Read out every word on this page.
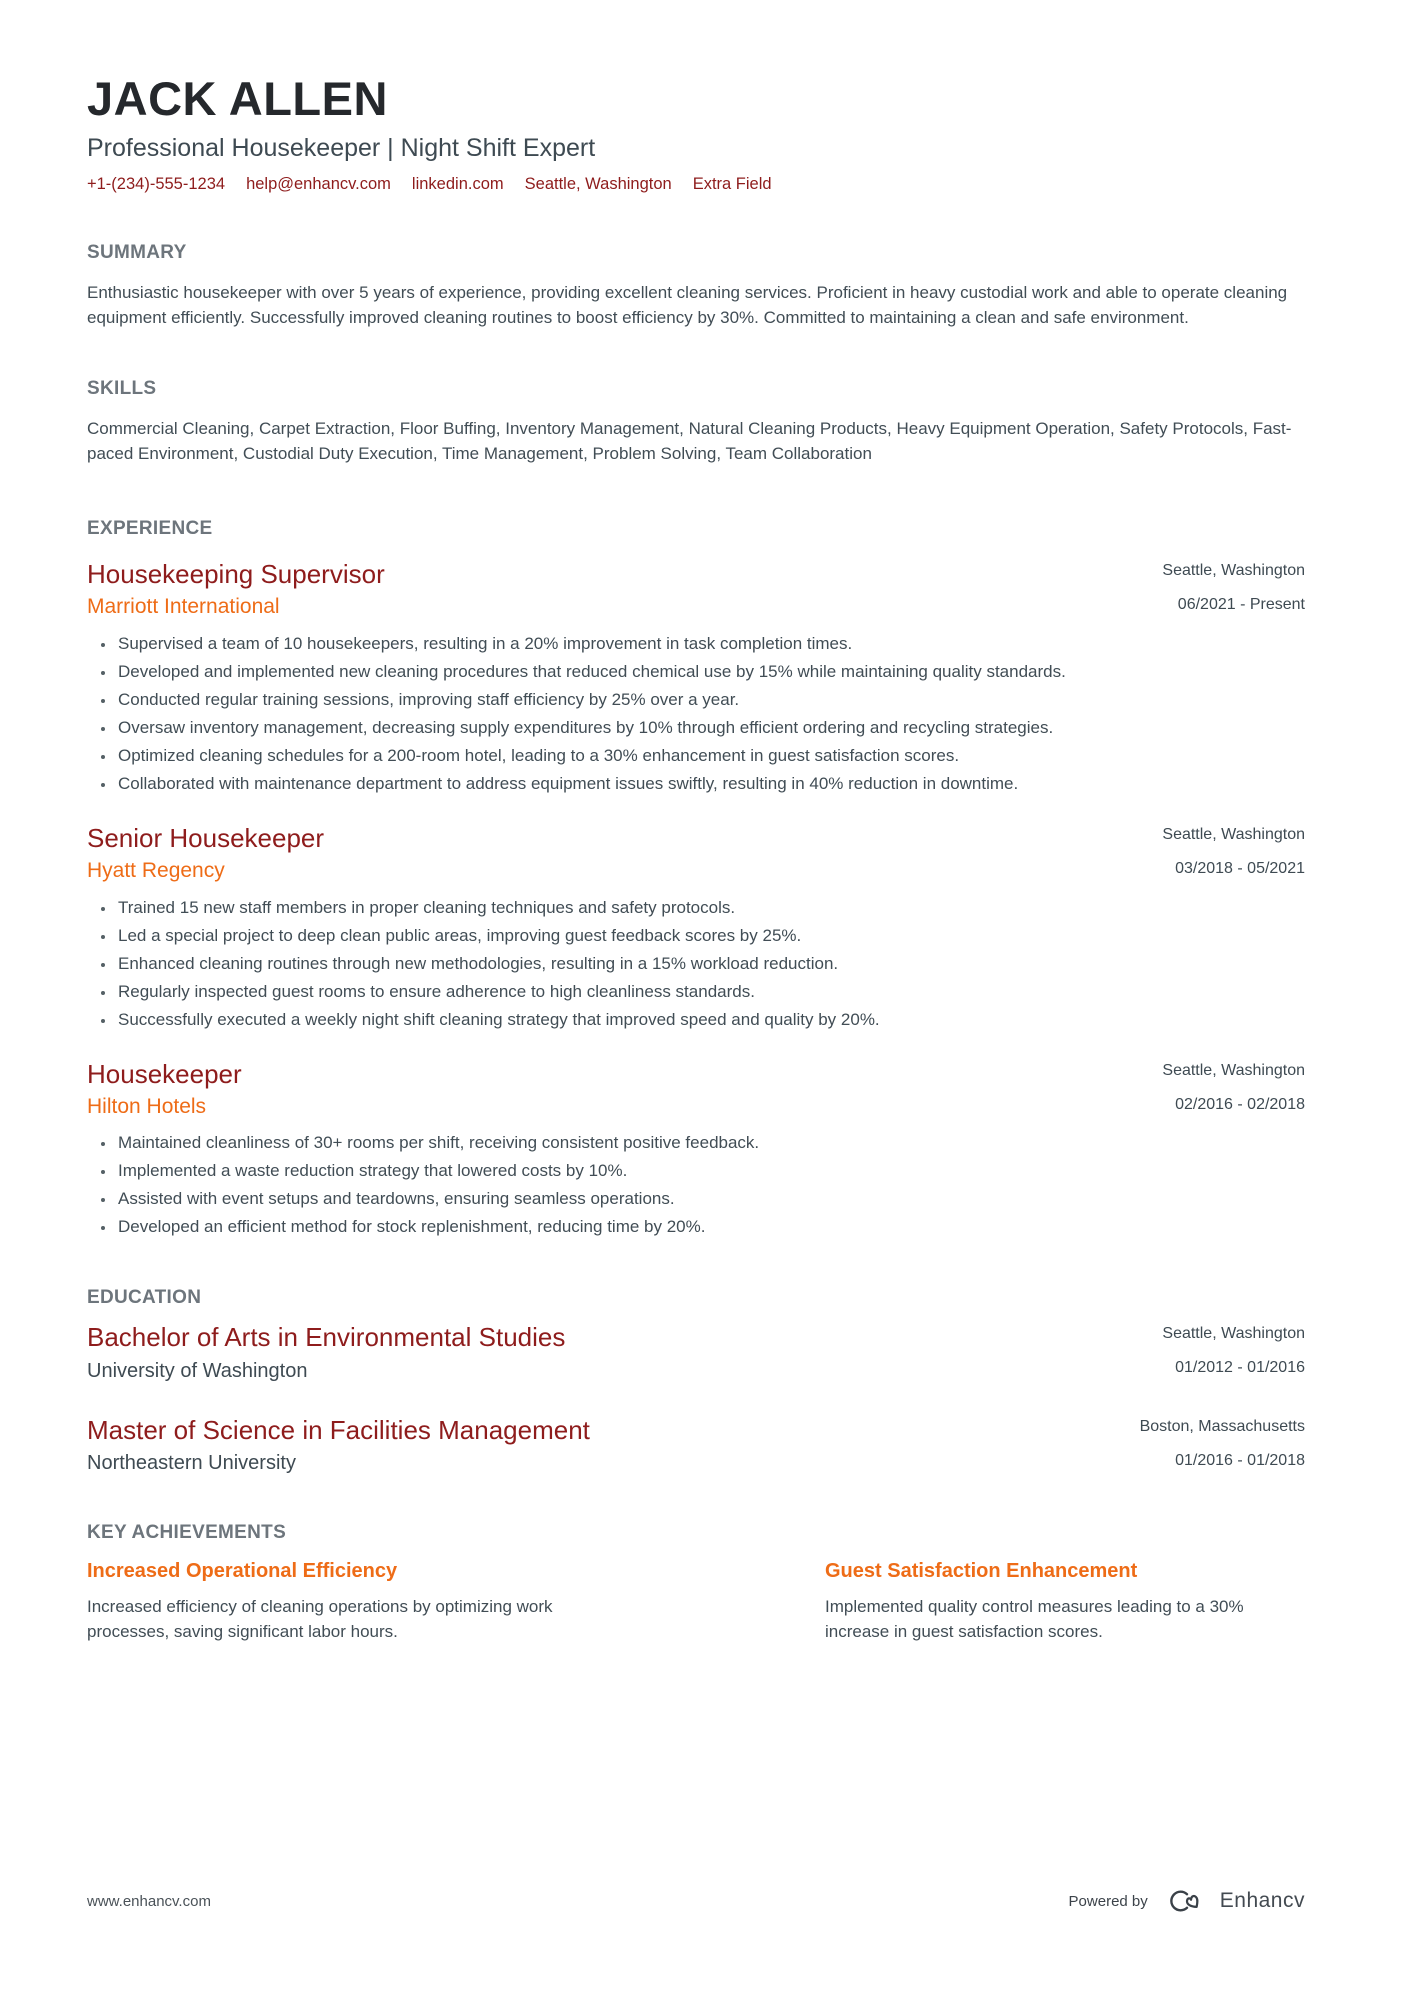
JACK ALLEN
Professional Housekeeper | Night Shift Expert
+1-(234)-555-1234 help@enhancv.com linkedin.com Seattle, Washington Extra Field
SUMMARY
Enthusiastic housekeeper with over 5 years of experience, providing excellent cleaning services. Proficient in heavy custodial work and able to operate cleaning equipment efficiently. Successfully improved cleaning routines to boost efficiency by 30%. Committed to maintaining a clean and safe environment.
SKILLS
Commercial Cleaning, Carpet Extraction, Floor Buffing, Inventory Management, Natural Cleaning Products, Heavy Equipment Operation, Safety Protocols, Fast-paced Environment, Custodial Duty Execution, Time Management, Problem Solving, Team Collaboration
EXPERIENCE
Housekeeping Supervisor
Marriott International
Seattle, Washington
06/2021 - Present
• Supervised a team of 10 housekeepers, resulting in a 20% improvement in task completion times.
• Developed and implemented new cleaning procedures that reduced chemical use by 15% while maintaining quality standards.
• Conducted regular training sessions, improving staff efficiency by 25% over a year.
• Oversaw inventory management, decreasing supply expenditures by 10% through efficient ordering and recycling strategies.
• Optimized cleaning schedules for a 200-room hotel, leading to a 30% enhancement in guest satisfaction scores.
• Collaborated with maintenance department to address equipment issues swiftly, resulting in 40% reduction in downtime.
Senior Housekeeper
Hyatt Regency
Seattle, Washington
03/2018 - 05/2021
• Trained 15 new staff members in proper cleaning techniques and safety protocols.
• Led a special project to deep clean public areas, improving guest feedback scores by 25%.
• Enhanced cleaning routines through new methodologies, resulting in a 15% workload reduction.
• Regularly inspected guest rooms to ensure adherence to high cleanliness standards.
• Successfully executed a weekly night shift cleaning strategy that improved speed and quality by 20%.
Housekeeper
Hilton Hotels
Seattle, Washington
02/2016 - 02/2018
• Maintained cleanliness of 30+ rooms per shift, receiving consistent positive feedback.
• Implemented a waste reduction strategy that lowered costs by 10%.
• Assisted with event setups and teardowns, ensuring seamless operations.
• Developed an efficient method for stock replenishment, reducing time by 20%.
EDUCATION
Bachelor of Arts in Environmental Studies
University of Washington
Seattle, Washington
01/2012 - 01/2016
Master of Science in Facilities Management
Northeastern University
Boston, Massachusetts
01/2016 - 01/2018
KEY ACHIEVEMENTS
Increased Operational Efficiency
Increased efficiency of cleaning operations by optimizing work processes, saving significant labor hours.
Guest Satisfaction Enhancement
Implemented quality control measures leading to a 30% increase in guest satisfaction scores.
www.enhancv.com	Powered by	Enhancv
